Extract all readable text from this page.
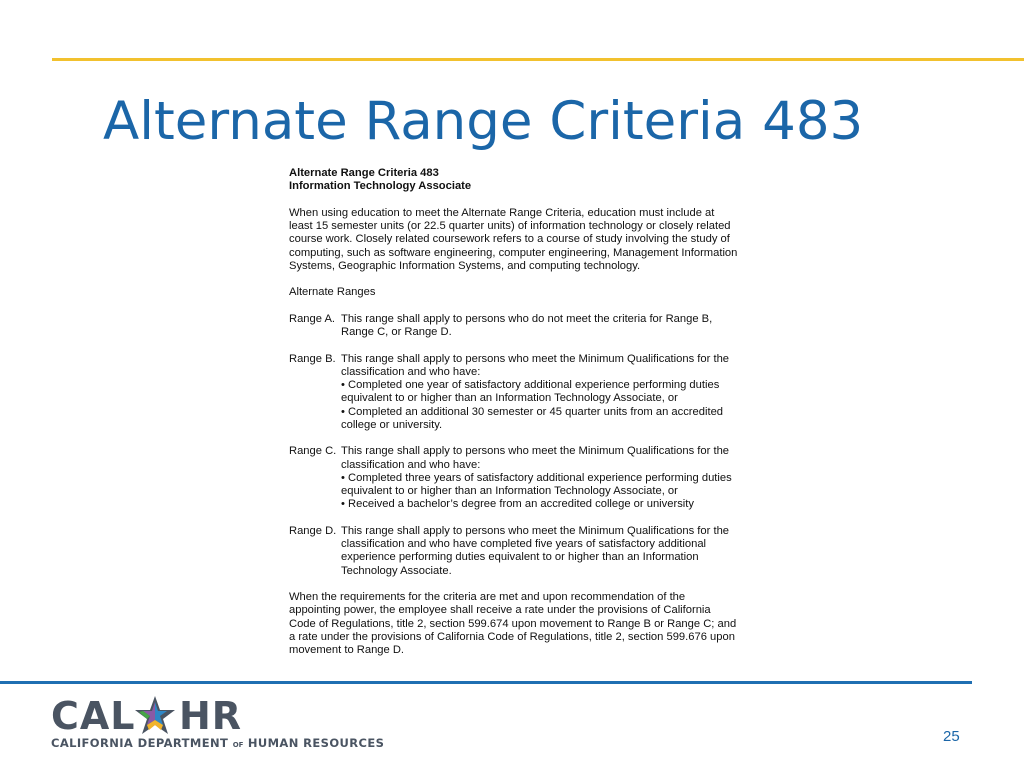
Alternate Range Criteria 483

Alternate Range Criteria 483

Information Technology Associate

When using education to meet the Alternate Range Criteria, education must include at

least 15 semester units (or 22.5 quarter units) of information technology or closely related

course work. Closely related coursework refers to a course of study involving the study of

computing, such as software engineering, computer engineering, Management Information

Systems, Geographic Information Systems, and computing technology.

Alternate Ranges

Range A. This range shall apply to persons who do not meet the criteria for Range B,

Range C, or Range D.

Range B. This range shall apply to persons who meet the Minimum Qualifications for the

classification and who have:

• Completed one year of satisfactory additional experience performing duties

equivalent to or higher than an Information Technology Associate, or

• Completed an additional 30 semester or 45 quarter units from an accredited

college or university.

Range C. This range shall apply to persons who meet the Minimum Qualifications for the

classification and who have:

• Completed three years of satisfactory additional experience performing duties

equivalent to or higher than an Information Technology Associate, or

• Received a bachelor’s degree from an accredited college or university

Range D. This range shall apply to persons who meet the Minimum Qualifications for the

classification and who have completed five years of satisfactory additional

experience performing duties equivalent to or higher than an Information

Technology Associate.

When the requirements for the criteria are met and upon recommendation of the

appointing power, the employee shall receive a rate under the provisions of California

Code of Regulations, title 2, section 599.674 upon movement to Range B or Range C; and

a rate under the provisions of California Code of Regulations, title 2, section 599.676 upon

movement to Range D.

CAL HR
CALIFORNIA DEPARTMENT OF HUMAN RESOURCES	25
